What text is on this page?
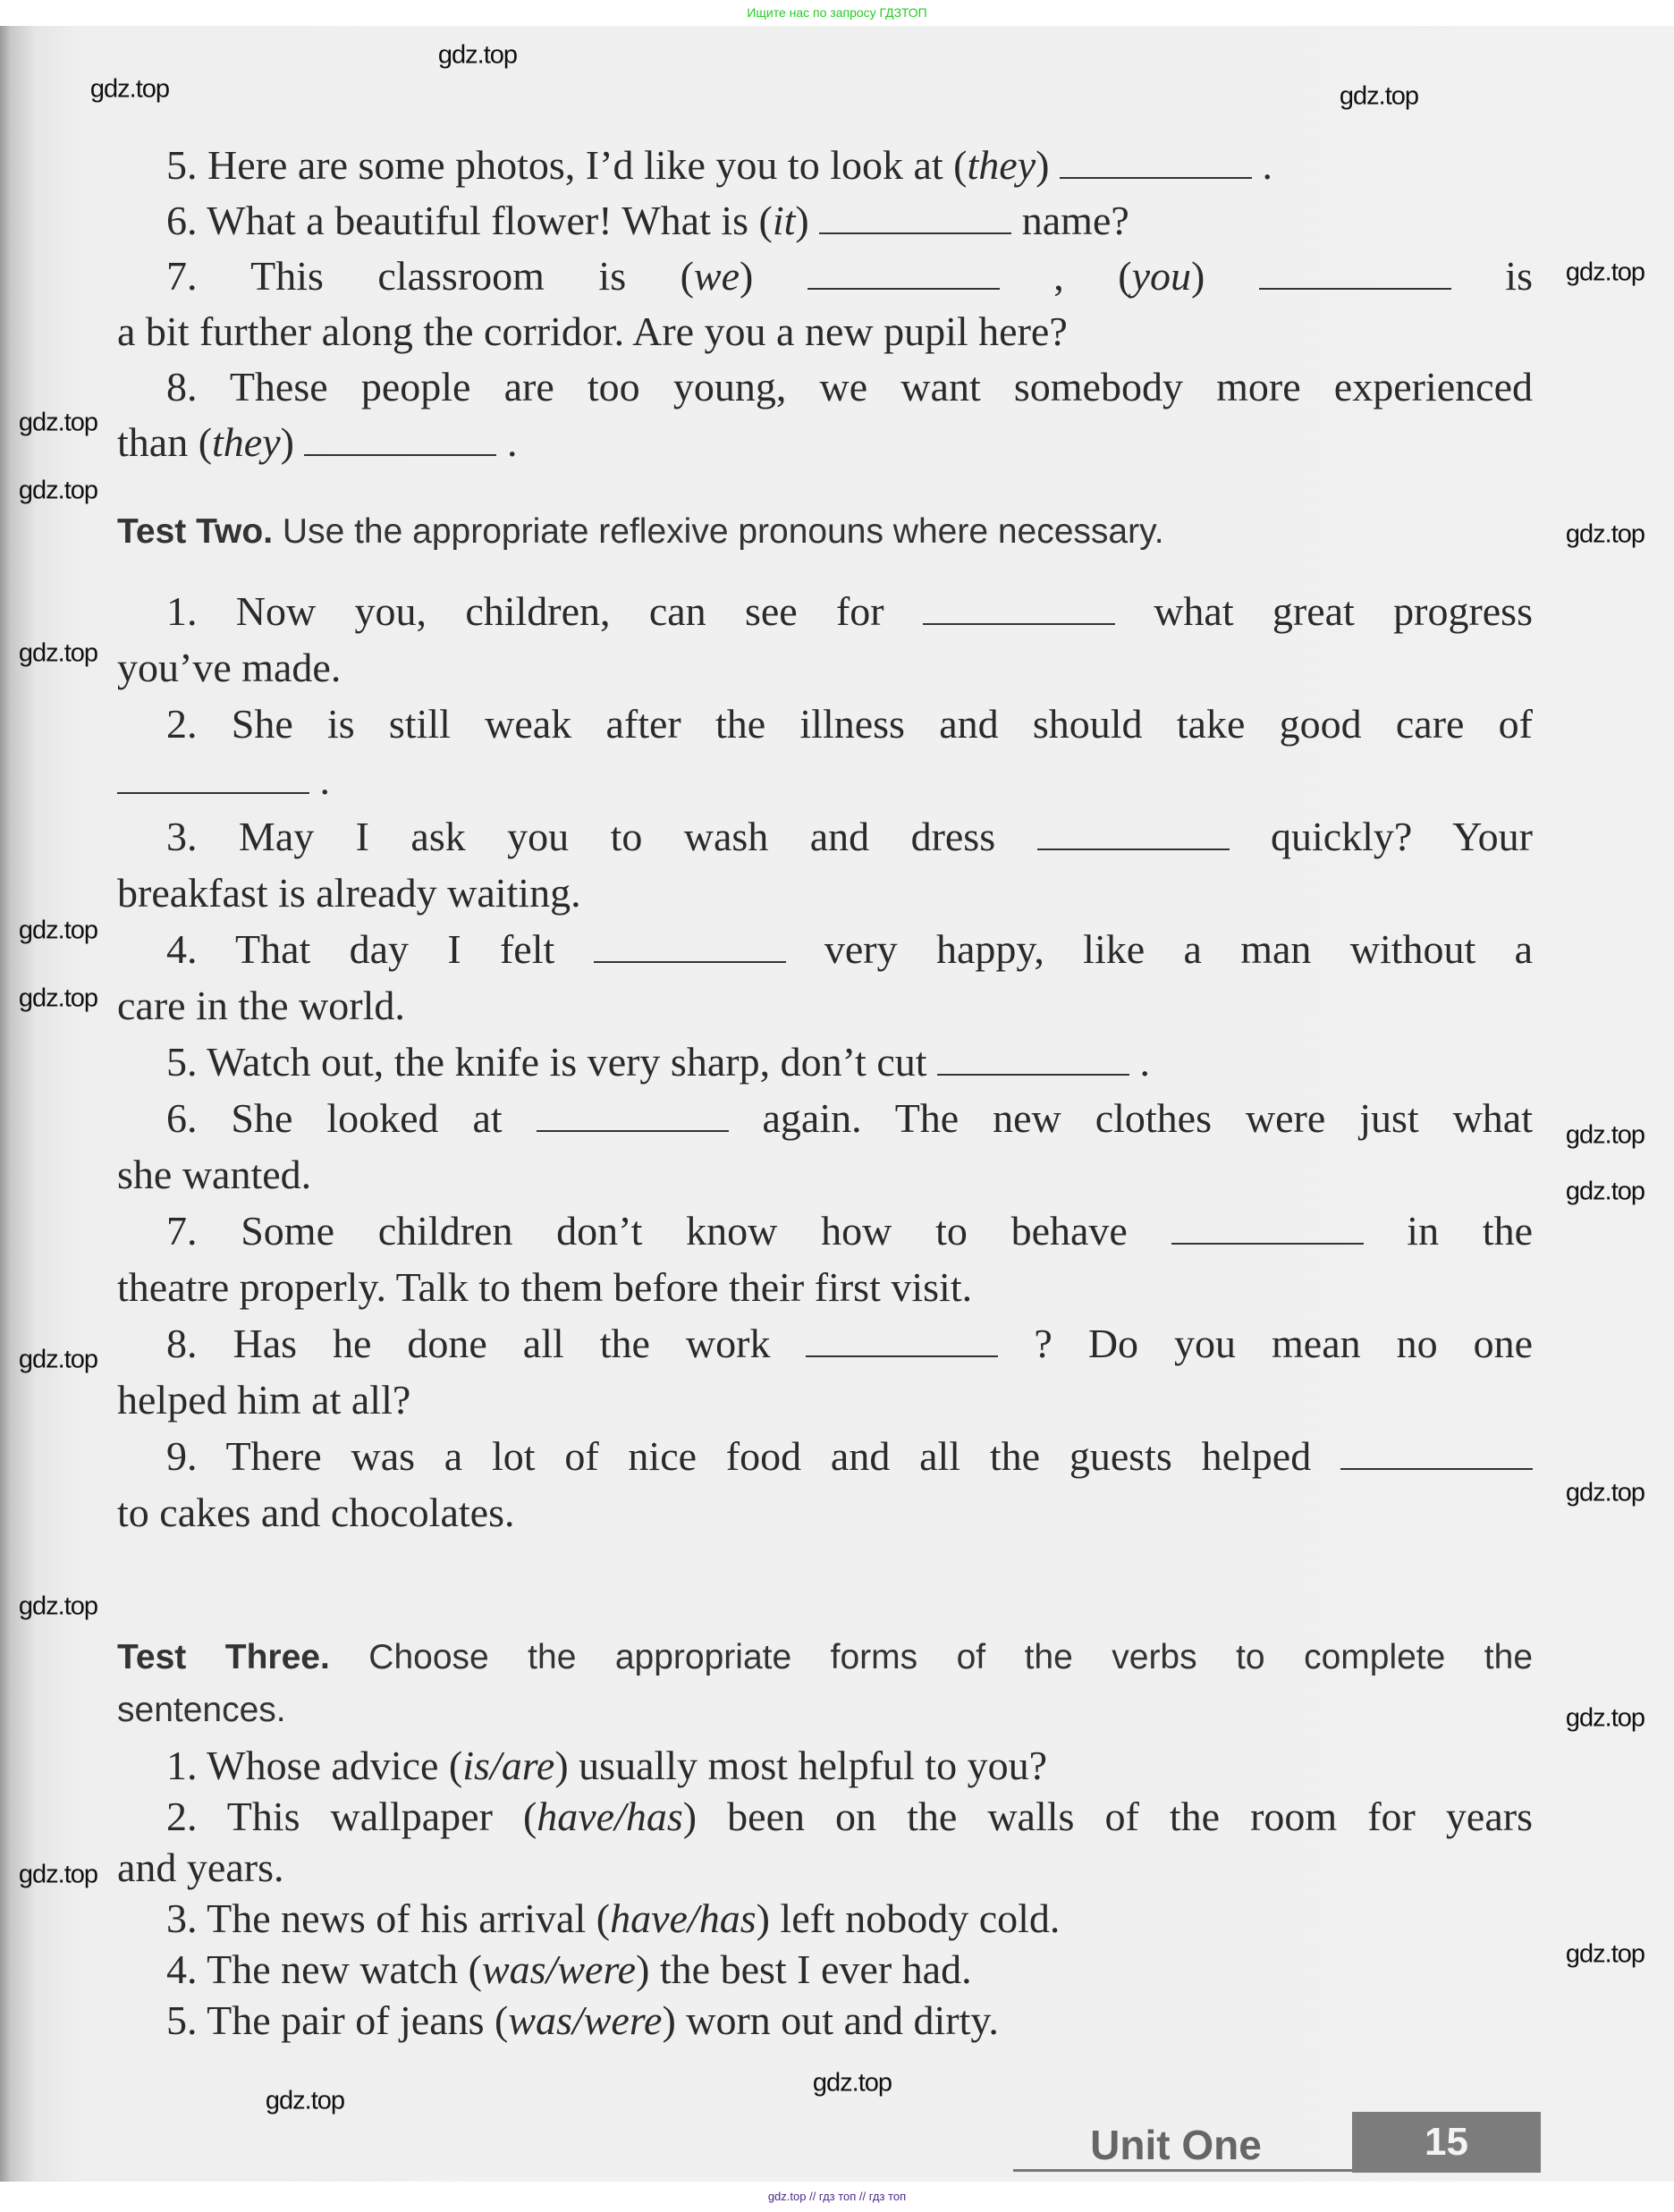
Ищите нас по запросу ГДЗТОП
5. Here are some photos, I’d like you to look at (they)	.
6. What a beautiful flower! What is (it)	name?
7. This classroom is (we)	, (you)	is
a bit further along the corridor. Are you a new pupil here?
8. These people are too young, we want somebody more experienced
than (they)	.
Test Two. Use the appropriate reflexive pronouns where necessary.
1. Now you, children, can see for	what great progress
you’ve made.
2. She is still weak after the illness and should take good care of
.
3. May I ask you to wash and dress	quickly? Your
breakfast is already waiting.
4. That day I felt	very happy, like a man without a
care in the world.
5. Watch out, the knife is very sharp, don’t cut	.
6. She looked at	again. The new clothes were just what
she wanted.
7. Some children don’t know how to behave	in the
theatre properly. Talk to them before their first visit.
8. Has he done all the work	? Do you mean no one
helped him at all?
9. There was a lot of nice food and all the guests helped
to cakes and chocolates.
Test Three. Choose the appropriate forms of the verbs to complete the
sentences.
1. Whose advice (is/are) usually most helpful to you?
2. This wallpaper (have/has) been on the walls of the room for years
and years.
3. The news of his arrival (have/has) left nobody cold.
4. The new watch (was/were) the best I ever had.
5. The pair of jeans (was/were) worn out and dirty.
Unit One	15
gdz.top // гдз топ // гдз топ
gdz.top
gdz.top	gdz.top
gdz.top
gdz.top
gdz.top
gdz.top
gdz.top
gdz.top
gdz.top
gdz.top
gdz.top
gdz.top
gdz.top
gdz.top
gdz.top
gdz.top
gdz.top
gdz.top
gdz.top
